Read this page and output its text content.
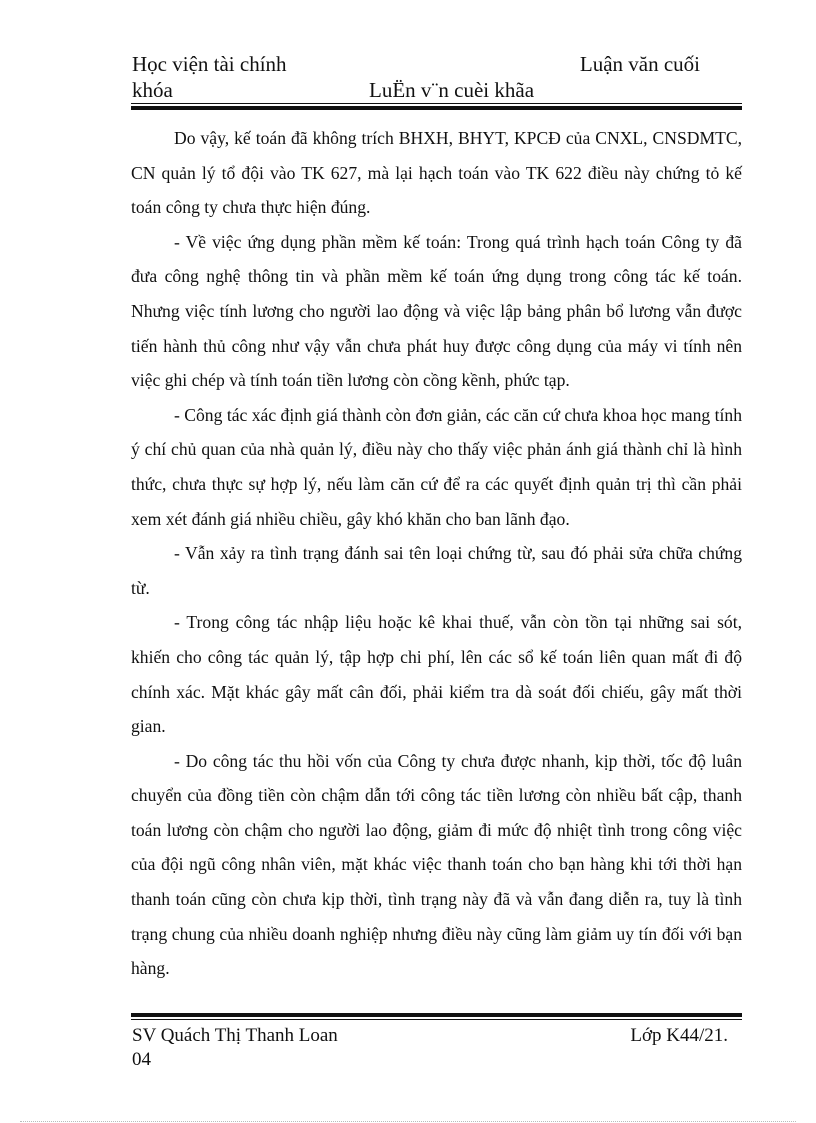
Học viện tài chính	Luận văn cuối
khóa	LuËn v¨n cuèi khãa

Do vậy, kế toán đã không trích BHXH, BHYT, KPCĐ của CNXL, CNSDMTC, CN quản lý tổ đội vào TK 627, mà lại hạch toán vào TK 622 điều này chứng tỏ kế toán công ty chưa thực hiện đúng.

- Về việc ứng dụng phần mềm kế toán: Trong quá trình hạch toán Công ty đã đưa công nghệ thông tin và phần mềm kế toán ứng dụng trong công tác kế toán. Nhưng việc tính lương cho người lao động và việc lập bảng phân bổ lương vẫn được tiến hành thủ công như vậy vẫn chưa phát huy được công dụng của máy vi tính nên việc ghi chép và tính toán tiền lương còn cồng kềnh, phức tạp.

- Công tác xác định giá thành còn đơn giản, các căn cứ chưa khoa học mang tính ý chí chủ quan của nhà quản lý, điều này cho thấy việc phản ánh giá thành chỉ là hình thức, chưa thực sự hợp lý, nếu làm căn cứ để ra các quyết định quản trị thì cần phải xem xét đánh giá nhiều chiều, gây khó khăn cho ban lãnh đạo.

- Vẫn xảy ra tình trạng đánh sai tên loại chứng từ, sau đó phải sửa chữa chứng từ.

- Trong công tác nhập liệu hoặc kê khai thuế, vẫn còn tồn tại những sai sót, khiến cho công tác quản lý, tập hợp chi phí, lên các sổ kế toán liên quan mất đi độ chính xác. Mặt khác gây mất cân đối, phải kiểm tra dà soát đối chiếu, gây mất thời gian.

- Do công tác thu hồi vốn của Công ty chưa được nhanh, kịp thời, tốc độ luân chuyển của đồng tiền còn chậm dẫn tới công tác tiền lương còn nhiều bất cập, thanh toán lương còn chậm cho người lao động, giảm đi mức độ nhiệt tình trong công việc của đội ngũ công nhân viên, mặt khác việc thanh toán cho bạn hàng khi tới thời hạn thanh toán cũng còn chưa kịp thời, tình trạng này đã và vẫn đang diễn ra, tuy là tình trạng chung của nhiều doanh nghiệp nhưng điều này cũng làm giảm uy tín đối với bạn hàng.

SV Quách Thị Thanh Loan	Lớp K44/21.

04
